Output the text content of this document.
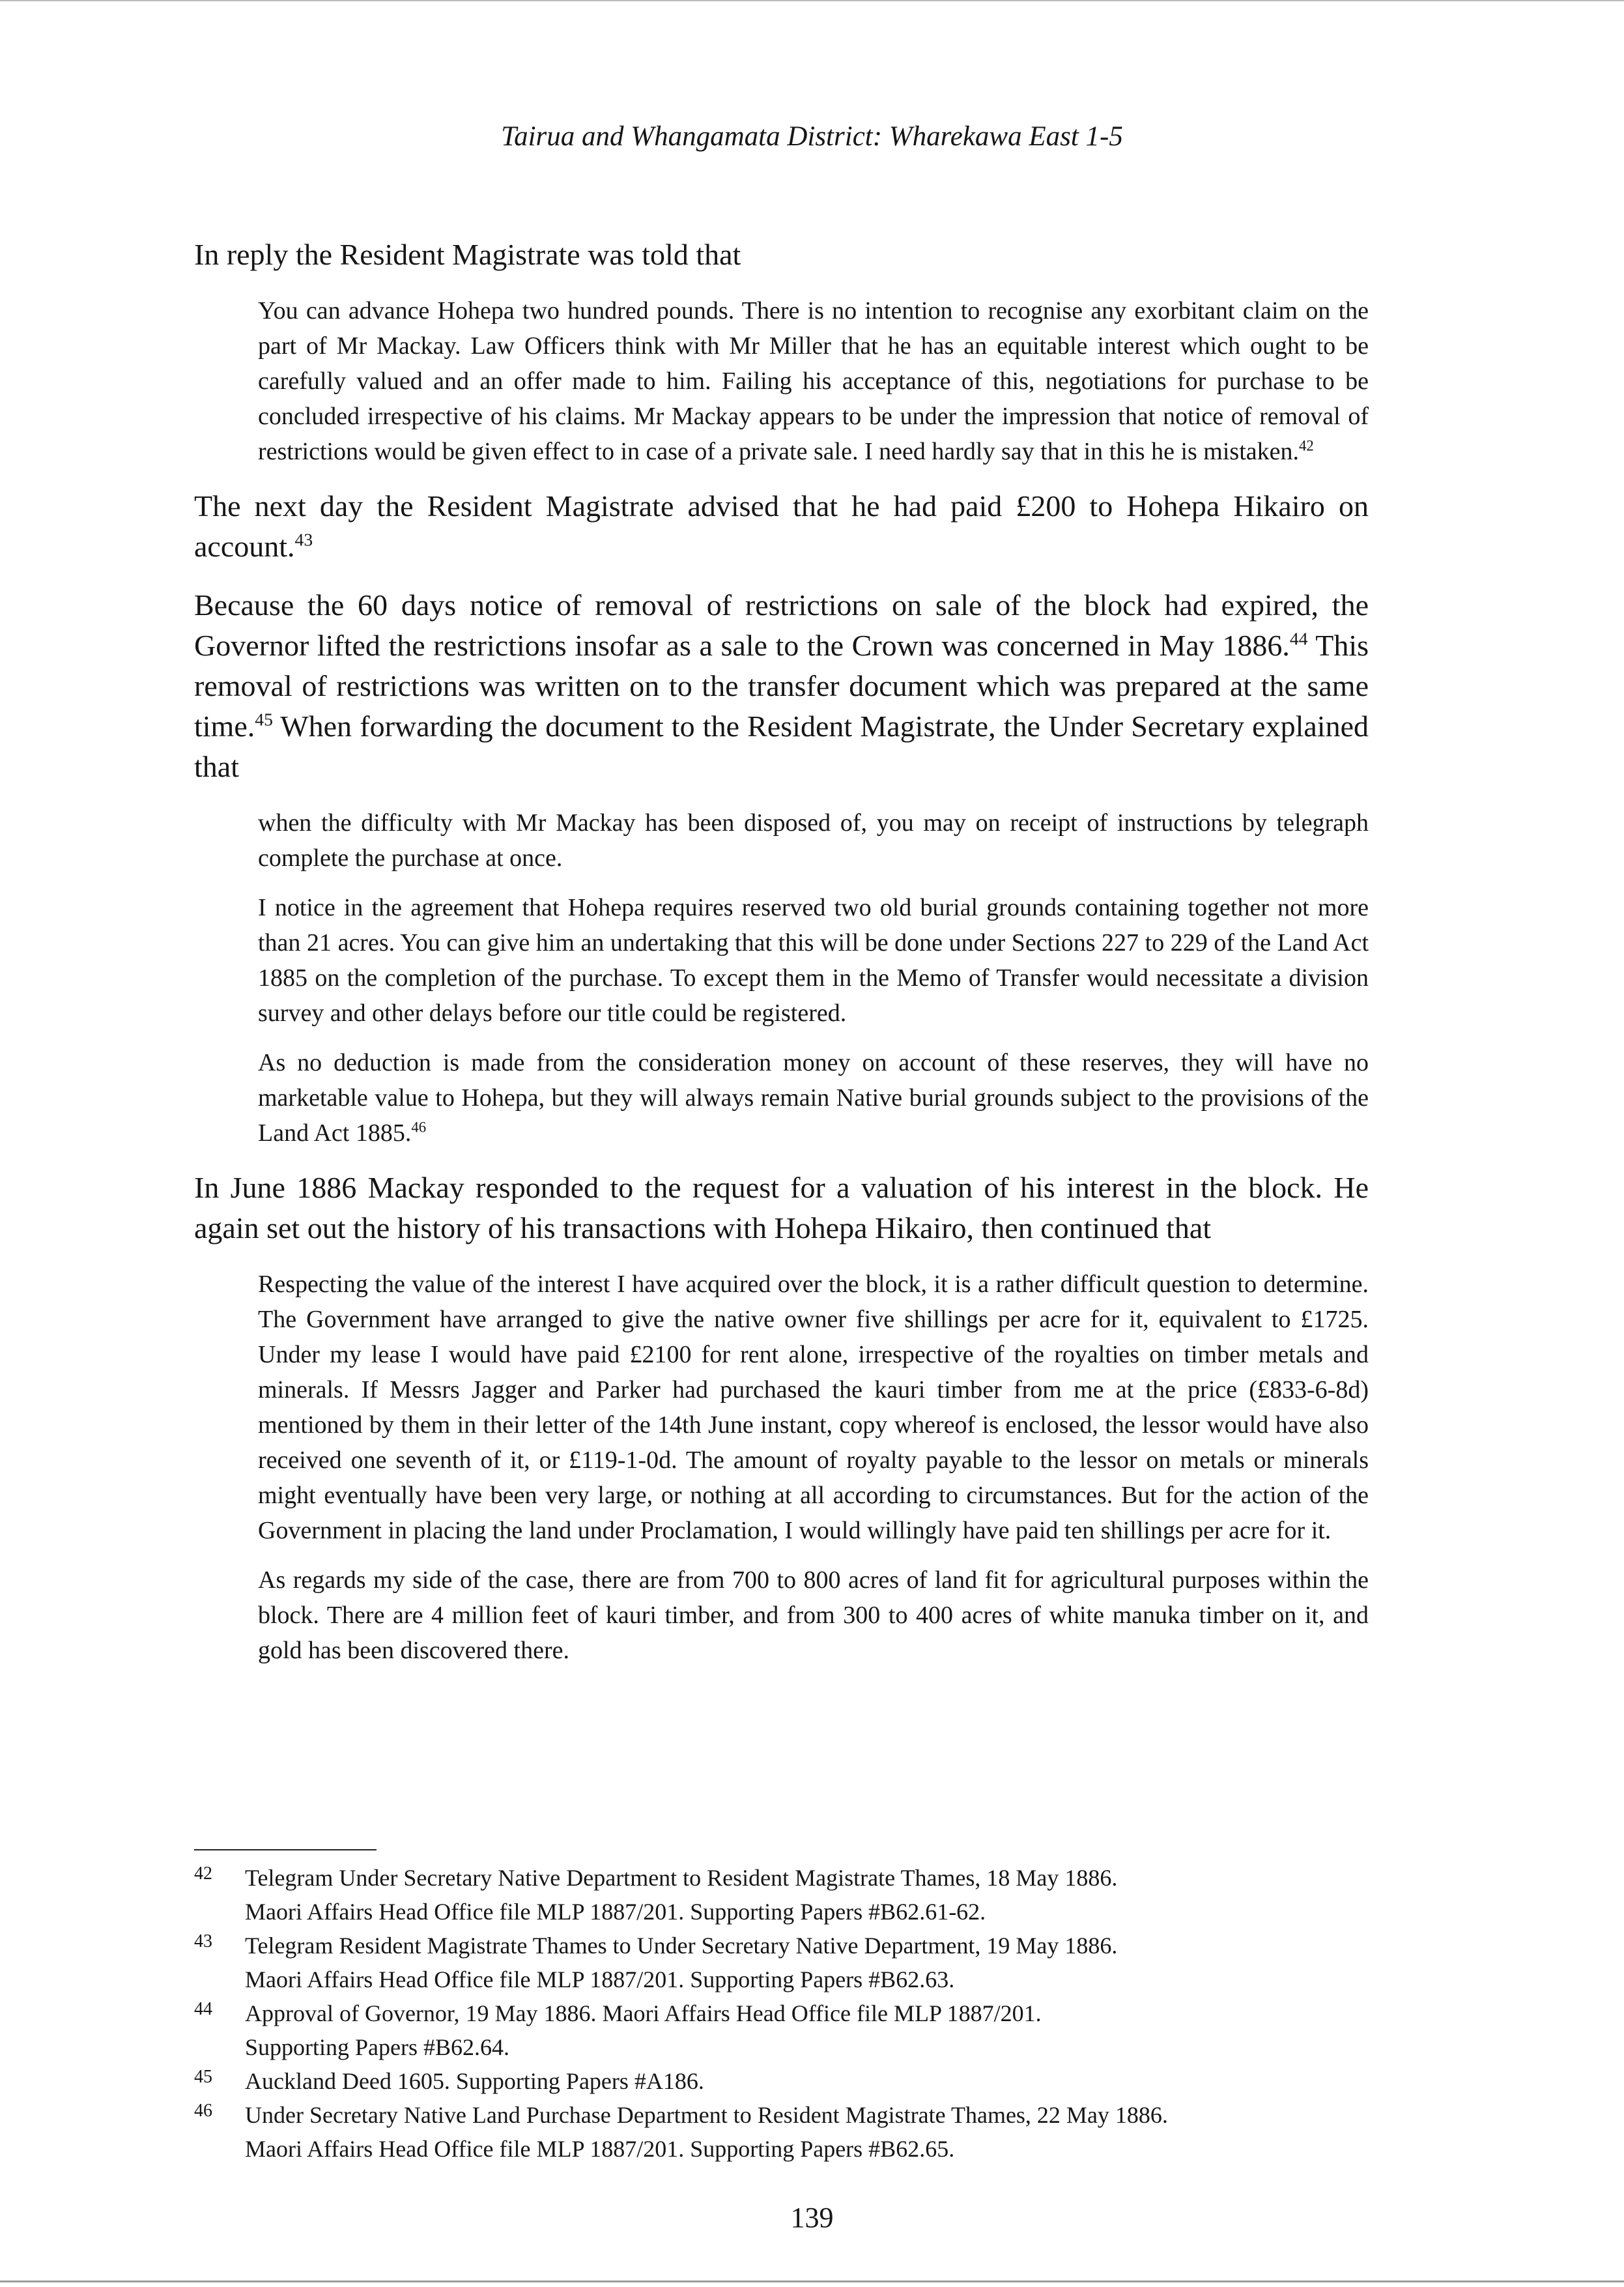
Tairua and Whangamata District: Wharekawa East 1-5

In reply the Resident Magistrate was told that

You can advance Hohepa two hundred pounds. There is no intention to recognise any exorbitant claim on the part of Mr Mackay. Law Officers think with Mr Miller that he has an equitable interest which ought to be carefully valued and an offer made to him. Failing his acceptance of this, negotiations for purchase to be concluded irrespective of his claims. Mr Mackay appears to be under the impression that notice of removal of restrictions would be given effect to in case of a private sale. I need hardly say that in this he is mistaken.$^{42}$

The next day the Resident Magistrate advised that he had paid £200 to Hohepa Hikairo on account.$^{43}$

Because the 60 days notice of removal of restrictions on sale of the block had expired, the Governor lifted the restrictions insofar as a sale to the Crown was concerned in May 1886.44 This removal of restrictions was written on to the transfer document which was prepared at the same time.$^{45}$ When forwarding the document to the Resident Magistrate, the Under Secretary explained that

when the difficulty with Mr Mackay has been disposed of, you may on receipt of instructions by telegraph complete the purchase at once.

I notice in the agreement that Hohepa requires reserved two old burial grounds containing together not more than 21 acres. You can give him an undertaking that this will be done under Sections 227 to 229 of the Land Act 1885 on the completion of the purchase. To except them in the Memo of Transfer would necessitate a division survey and other delays before our title could be registered.

As no deduction is made from the consideration money on account of these reserves, they will have no marketable value to Hohepa, but they will always remain Native burial grounds subject to the provisions of the Land Act 1885.46

In June 1886 Mackay responded to the request for a valuation of his interest in the block. He again set out the history of his transactions with Hohepa Hikairo, then continued that

Respecting the value of the interest I have acquired over the block, it is a rather difficult question to determine. The Government have arranged to give the native owner five shillings per acre for it, equivalent to £1725. Under my lease I would have paid £2100 for rent alone, irrespective of the royalties on timber metals and minerals. If Messrs Jagger and Parker had purchased the kauri timber from me at the price (£833-6-8d) mentioned by them in their letter of the 14th June instant, copy whereof is enclosed, the lessor would have also received one seventh of it, or £119-1-0d. The amount of royalty payable to the lessor on metals or minerals might eventually have been very large, or nothing at all according to circumstances. But for the action of the Government in placing the land under Proclamation, I would willingly have paid ten shillings per acre for it.

As regards my side of the case, there are from 700 to 800 acres of land fit for agricultural purposes within the block. There are 4 million feet of kauri timber, and from 300 to 400 acres of white manuka timber on it, and gold has been discovered there.

42 Telegram Under Secretary Native Department to Resident Magistrate Thames, 18 May 1886.
Maori Affairs Head Office file MLP 1887/201. Supporting Papers #B62.61-62.
43 Telegram Resident Magistrate Thames to Under Secretary Native Department, 19 May 1886.
Maori Affairs Head Office file MLP 1887/201. Supporting Papers #B62.63.
44 Approval of Governor, 19 May 1886. Maori Affairs Head Office file MLP 1887/201.
Supporting Papers #B62.64.
45 Auckland Deed 1605. Supporting Papers #A186.
46 Under Secretary Native Land Purchase Department to Resident Magistrate Thames, 22 May 1886.
Maori Affairs Head Office file MLP 1887/201. Supporting Papers #B62.65.
139
